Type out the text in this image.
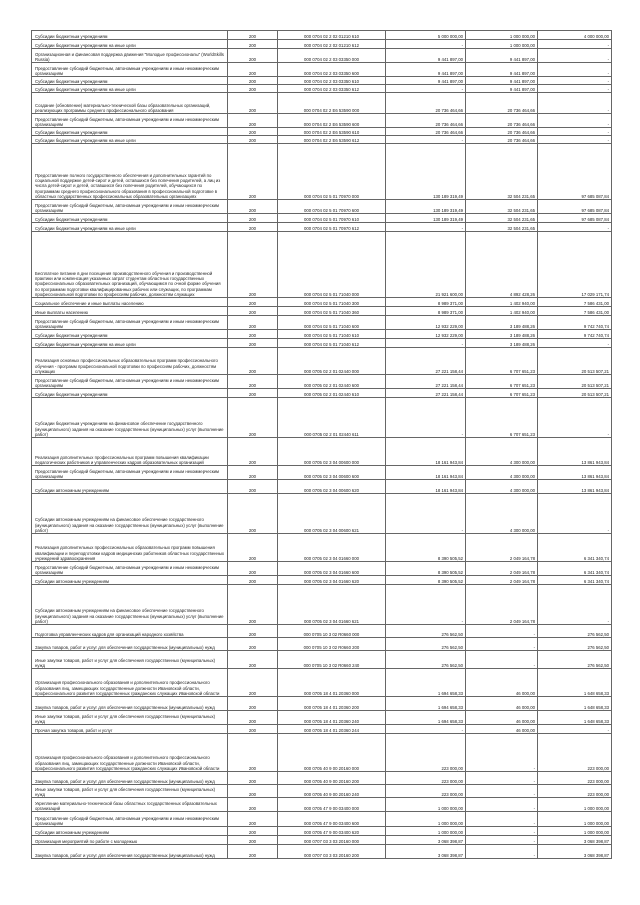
Субсидии бюджетным учреждениям	200	000 0704 02 2 02 01210 610	5 000 000,00	1 000 000,00	4 000 000,00
Субсидии бюджетным учреждениям на иные цели	200	000 0704 02 2 02 01210 612	-	1 000 000,00	-
Организационная и финансовая поддержка движения "Молодые профессионалы" (WorldSkills Russia)	200	000 0704 02 2 03 03350 000	9 441 897,00	9 441 897,00	-
Предоставление субсидий бюджетным, автономным учреждениям и иным некоммерческим организациям	200	000 0704 02 2 03 03350 600	9 441 897,00	9 441 897,00	-
Субсидии бюджетным учреждениям	200	000 0704 02 2 03 03350 610	9 441 897,00	9 441 897,00	-
Субсидии бюджетным учреждениям на иные цели	200	000 0704 02 2 03 03350 612	-	9 441 897,00	-
Создание (обновление) материально-технической базы образовательных организаций, реализующих программы среднего профессионального образования	200	000 0704 02 2 E6 53590 000	20 736 464,66	20 736 464,66	-
Предоставление субсидий бюджетным, автономным учреждениям и иным некоммерческим организациям	200	000 0704 02 2 E6 53590 600	20 736 464,66	20 736 464,66	-
Субсидии бюджетным учреждениям	200	000 0704 02 2 E6 53590 610	20 736 464,66	20 736 464,66	-
Субсидии бюджетным учреждениям на иные цели	200	000 0704 02 2 E6 53590 612	-	20 736 464,66	-
Предоставление полного государственного обеспечения и дополнительных гарантий по социальной поддержке детей-сирот и детей, оставшихся без попечения родителей, а лиц из числа детей-сирот и детей, оставшихся без попечения родителей, обучающихся по программам среднего профессионального образования в профессиональной подготовке в областных государственных профессиональных образовательных организациях	200	000 0704 02 5 01 70970 000	130 189 319,49	32 504 231,65	97 685 087,84
Предоставление субсидий бюджетным, автономным учреждениям и иным некоммерческим организациям	200	000 0704 02 5 01 70970 600	130 189 319,49	32 504 231,65	97 685 087,84
Субсидии бюджетным учреждениям	200	000 0704 02 5 01 70970 610	130 189 319,49	32 504 231,65	97 685 087,84
Субсидии бюджетным учреждениям на иные цели	200	000 0704 02 5 01 70970 612	-	32 504 231,65	-
Бесплатное питание в дни посещения производственного обучения и производственной практики или компенсация указанных затрат студентам областных государственных профессиональных образовательных организаций, обучающимся по очной форме обучения по программам подготовки квалифицированных рабочих или служащих, по программам профессиональной подготовки по профессиям рабочих, должностям служащих	200	000 0704 02 5 01 71040 000	21 921 600,00	4 892 428,26	17 029 171,74
Социальное обеспечение и иные выплаты населению	200	000 0704 02 5 01 71040 300	8 989 371,00	1 402 940,00	7 586 431,00
Иные выплаты населению	200	000 0704 02 5 01 71040 360	8 989 371,00	1 402 940,00	7 586 431,00
Предоставление субсидий бюджетным, автономным учреждениям и иным некоммерческим организациям	200	000 0704 02 5 01 71040 600	12 932 229,00	3 189 488,26	9 742 740,74
Субсидии бюджетным учреждениям	200	000 0704 02 5 01 71040 610	12 932 229,00	3 189 488,26	9 742 740,74
Субсидии бюджетным учреждениям на иные цели	200	000 0704 02 5 01 71040 612	-	3 189 488,26	-
Реализация основных профессиональных образовательных программ профессионального обучения - программ профессиональной подготовки по профессиям рабочих, должностям служащих	200	000 0705 02 2 01 02440 000	27 221 158,44	6 707 651,23	20 513 507,21
Предоставление субсидий бюджетным, автономным учреждениям и иным некоммерческим организациям	200	000 0705 02 2 01 02440 600	27 221 158,44	6 707 651,23	20 513 507,21
Субсидии бюджетным учреждениям	200	000 0705 02 2 01 02440 610	27 221 158,44	6 707 651,23	20 513 507,21
Субсидии бюджетным учреждениям на финансовое обеспечение государственного (муниципального) задания на оказание государственных (муниципальных) услуг (выполнение работ)	200	000 0705 02 2 01 02440 611	-	6 707 651,23	-
Реализация дополнительных профессиональных программ повышения квалификации педагогических работников и управленческих кадров образовательных организаций	200	000 0705 02 3 04 00600 000	18 161 943,84	4 300 000,00	13 861 943,84
Предоставление субсидий бюджетным, автономным учреждениям и иным некоммерческим организациям	200	000 0705 02 3 04 00600 600	18 161 943,84	4 300 000,00	13 861 943,84
Субсидии автономным учреждениям	200	000 0705 02 3 04 00600 620	18 161 943,84	4 300 000,00	13 861 943,84
Субсидии автономным учреждениям на финансовое обеспечение государственного (муниципального) задания на оказание государственных (муниципальных) услуг (выполнение работ)	200	000 0705 02 3 04 00600 621	-	4 300 000,00	-
Реализация дополнительных профессиональных образовательных программ повышения квалификации и переподготовки кадров медицинских работников областных государственных учреждений здравоохранения	200	000 0705 02 3 04 01660 000	8 390 505,52	2 049 164,78	6 341 340,74
Предоставление субсидий бюджетным, автономным учреждениям и иным некоммерческим организациям	200	000 0705 02 3 04 01660 600	8 390 505,52	2 049 164,78	6 341 340,74
Субсидии автономным учреждениям	200	000 0705 02 3 04 01660 620	8 390 505,52	2 049 164,78	6 341 340,74
Субсидии автономным учреждениям на финансовое обеспечение государственного (муниципального) задания на оказание государственных (муниципальных) услуг (выполнение работ)	200	000 0705 02 3 04 01660 621	-	2 049 164,78	-
Подготовка управленческих кадров для организаций народного хозяйства	200	000 0705 10 3 02 R0660 000	276 562,50	-	276 562,50
Закупка товаров, работ и услуг для обеспечения государственных (муниципальных) нужд	200	000 0705 10 3 02 R0660 200	276 562,50	-	276 562,50
Иные закупки товаров, работ и услуг для обеспечения государственных (муниципальных) нужд	200	000 0705 10 3 02 R0660 240	276 562,50	-	276 562,50
Организация профессионального образования и дополнительного профессионального образования лиц, замещающих государственные должности Ивановской области, профессионального развития государственных гражданских служащих Ивановской области	200	000 0705 18 4 01 20360 000	1 694 658,33	46 000,00	1 648 658,33
Закупка товаров, работ и услуг для обеспечения государственных (муниципальных) нужд	200	000 0705 18 4 01 20360 200	1 694 658,33	46 000,00	1 648 658,33
Иные закупки товаров, работ и услуг для обеспечения государственных (муниципальных) нужд	200	000 0705 18 4 01 20360 240	1 694 658,33	46 000,00	1 648 658,33
Прочая закупка товаров, работ и услуг	200	000 0705 18 4 01 20360 244	-	46 000,00	-
Организация профессионального образования и дополнительного профессионального образования лиц, замещающих государственные должности Ивановской области, профессионального развития государственных гражданских служащих Ивановской области	200	000 0705 40 9 00 20160 000	223 000,00	-	223 000,00
Закупка товаров, работ и услуг для обеспечения государственных (муниципальных) нужд	200	000 0705 40 9 00 20160 200	223 000,00	-	223 000,00
Иные закупки товаров, работ и услуг для обеспечения государственных (муниципальных) нужд	200	000 0705 40 9 00 20160 240	223 000,00	-	223 000,00
Укрепление материально-технической базы областных государственных образовательных организаций	200	000 0705 47 9 00 03400 000	1 000 000,00	-	1 000 000,00
Предоставление субсидий бюджетным, автономным учреждениям и иным некоммерческим организациям	200	000 0705 47 9 00 03400 600	1 000 000,00	-	1 000 000,00
Субсидии автономным учреждениям	200	000 0705 47 9 00 03400 620	1 000 000,00	-	1 000 000,00
Организация мероприятий по работе с молодежью	200	000 0707 03 3 03 20160 000	3 068 398,87	-	3 068 398,87
Закупка товаров, работ и услуг для обеспечения государственных (муниципальных) нужд	200	000 0707 03 3 03 20160 200	3 068 398,87	-	3 068 398,87
